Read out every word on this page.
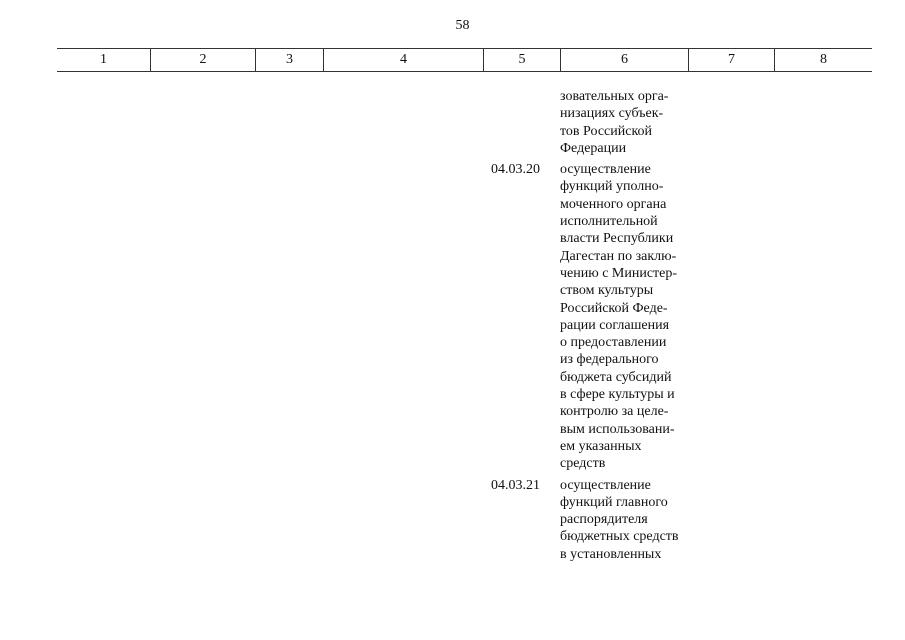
58
1	2	3	4	5	6	7	8
зовательных орга-
низациях субъек-
тов Российской
Федерации
04.03.20	осуществление
функций уполно-
моченного органа
исполнительной
власти Республики
Дагестан по заклю-
чению с Министер-
ством культуры
Российской Феде-
рации соглашения
о предоставлении
из федерального
бюджета субсидий
в сфере культуры и
контролю за целе-
вым использовани-
ем указанных
средств
04.03.21	осуществление
функций главного
распорядителя
бюджетных средств
в установленных
